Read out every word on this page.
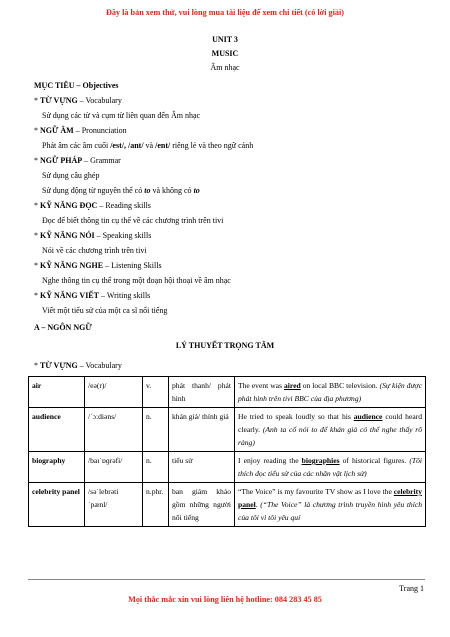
Đây là bản xem thử, vui lòng mua tài liệu để xem chi tiết (có lời giải)
UNIT 3
MUSIC
Âm nhạc
MỤC TIÊU – Objectives
* TỪ VỰNG – Vocabulary
Sử dụng các từ và cụm từ liên quan đến Âm nhạc
* NGỮ ÂM – Pronunciation
Phát âm các âm cuối /est/, /ant/ và /ent/ riêng lẻ và theo ngữ cảnh
* NGỮ PHÁP – Grammar
Sử dụng câu ghép
Sử dụng động từ nguyên thể có to và không có to
* KỸ NĂNG ĐỌC – Reading skills
Đọc để biết thông tin cụ thể về các chương trình trên tivi
* KỸ NĂNG NÓI – Speaking skills
Nói về các chương trình trên tivi
* KỸ NĂNG NGHE – Listening Skills
Nghe thông tin cụ thể trong một đoạn hội thoại về âm nhạc
* KỸ NĂNG VIẾT – Writing skills
Viết một tiểu sử của một ca sĩ nổi tiếng
A – NGÔN NGỮ
LÝ THUYẾT TRỌNG TÂM
* TỪ VỰNG – Vocabulary
air	/eə(r)/	v.	phát thanh/ phát hình	The event was aired on local BBC television. (Sự kiện được phát hình trên tivi BBC của địa phương)
audience	/ˈɔːdiəns/	n.	khán giả/ thính giả	He tried to speak loudly so that his audience could heard clearly. (Anh ta cố nói to để khán giả có thể nghe thấy rõ ràng)
biography	/baɪˈɒɡrəfi/	n.	tiểu sử	I enjoy reading the biographies of historical figures. (Tôi thích đọc tiểu sử của các nhân vật lịch sử)
celebrity panel	/səˈlebrəti ˈpænl/	n.phr.	ban giám khảo gồm những người nổi tiếng	“The Voice” is my favourite TV show as I love the celebrity panel. (“The Voice” là chương trình truyền hình yêu thích của tôi vì tôi yêu quí
Trang 1
Mọi thắc mắc xin vui lòng liên hệ hotline: 084 283 45 85
